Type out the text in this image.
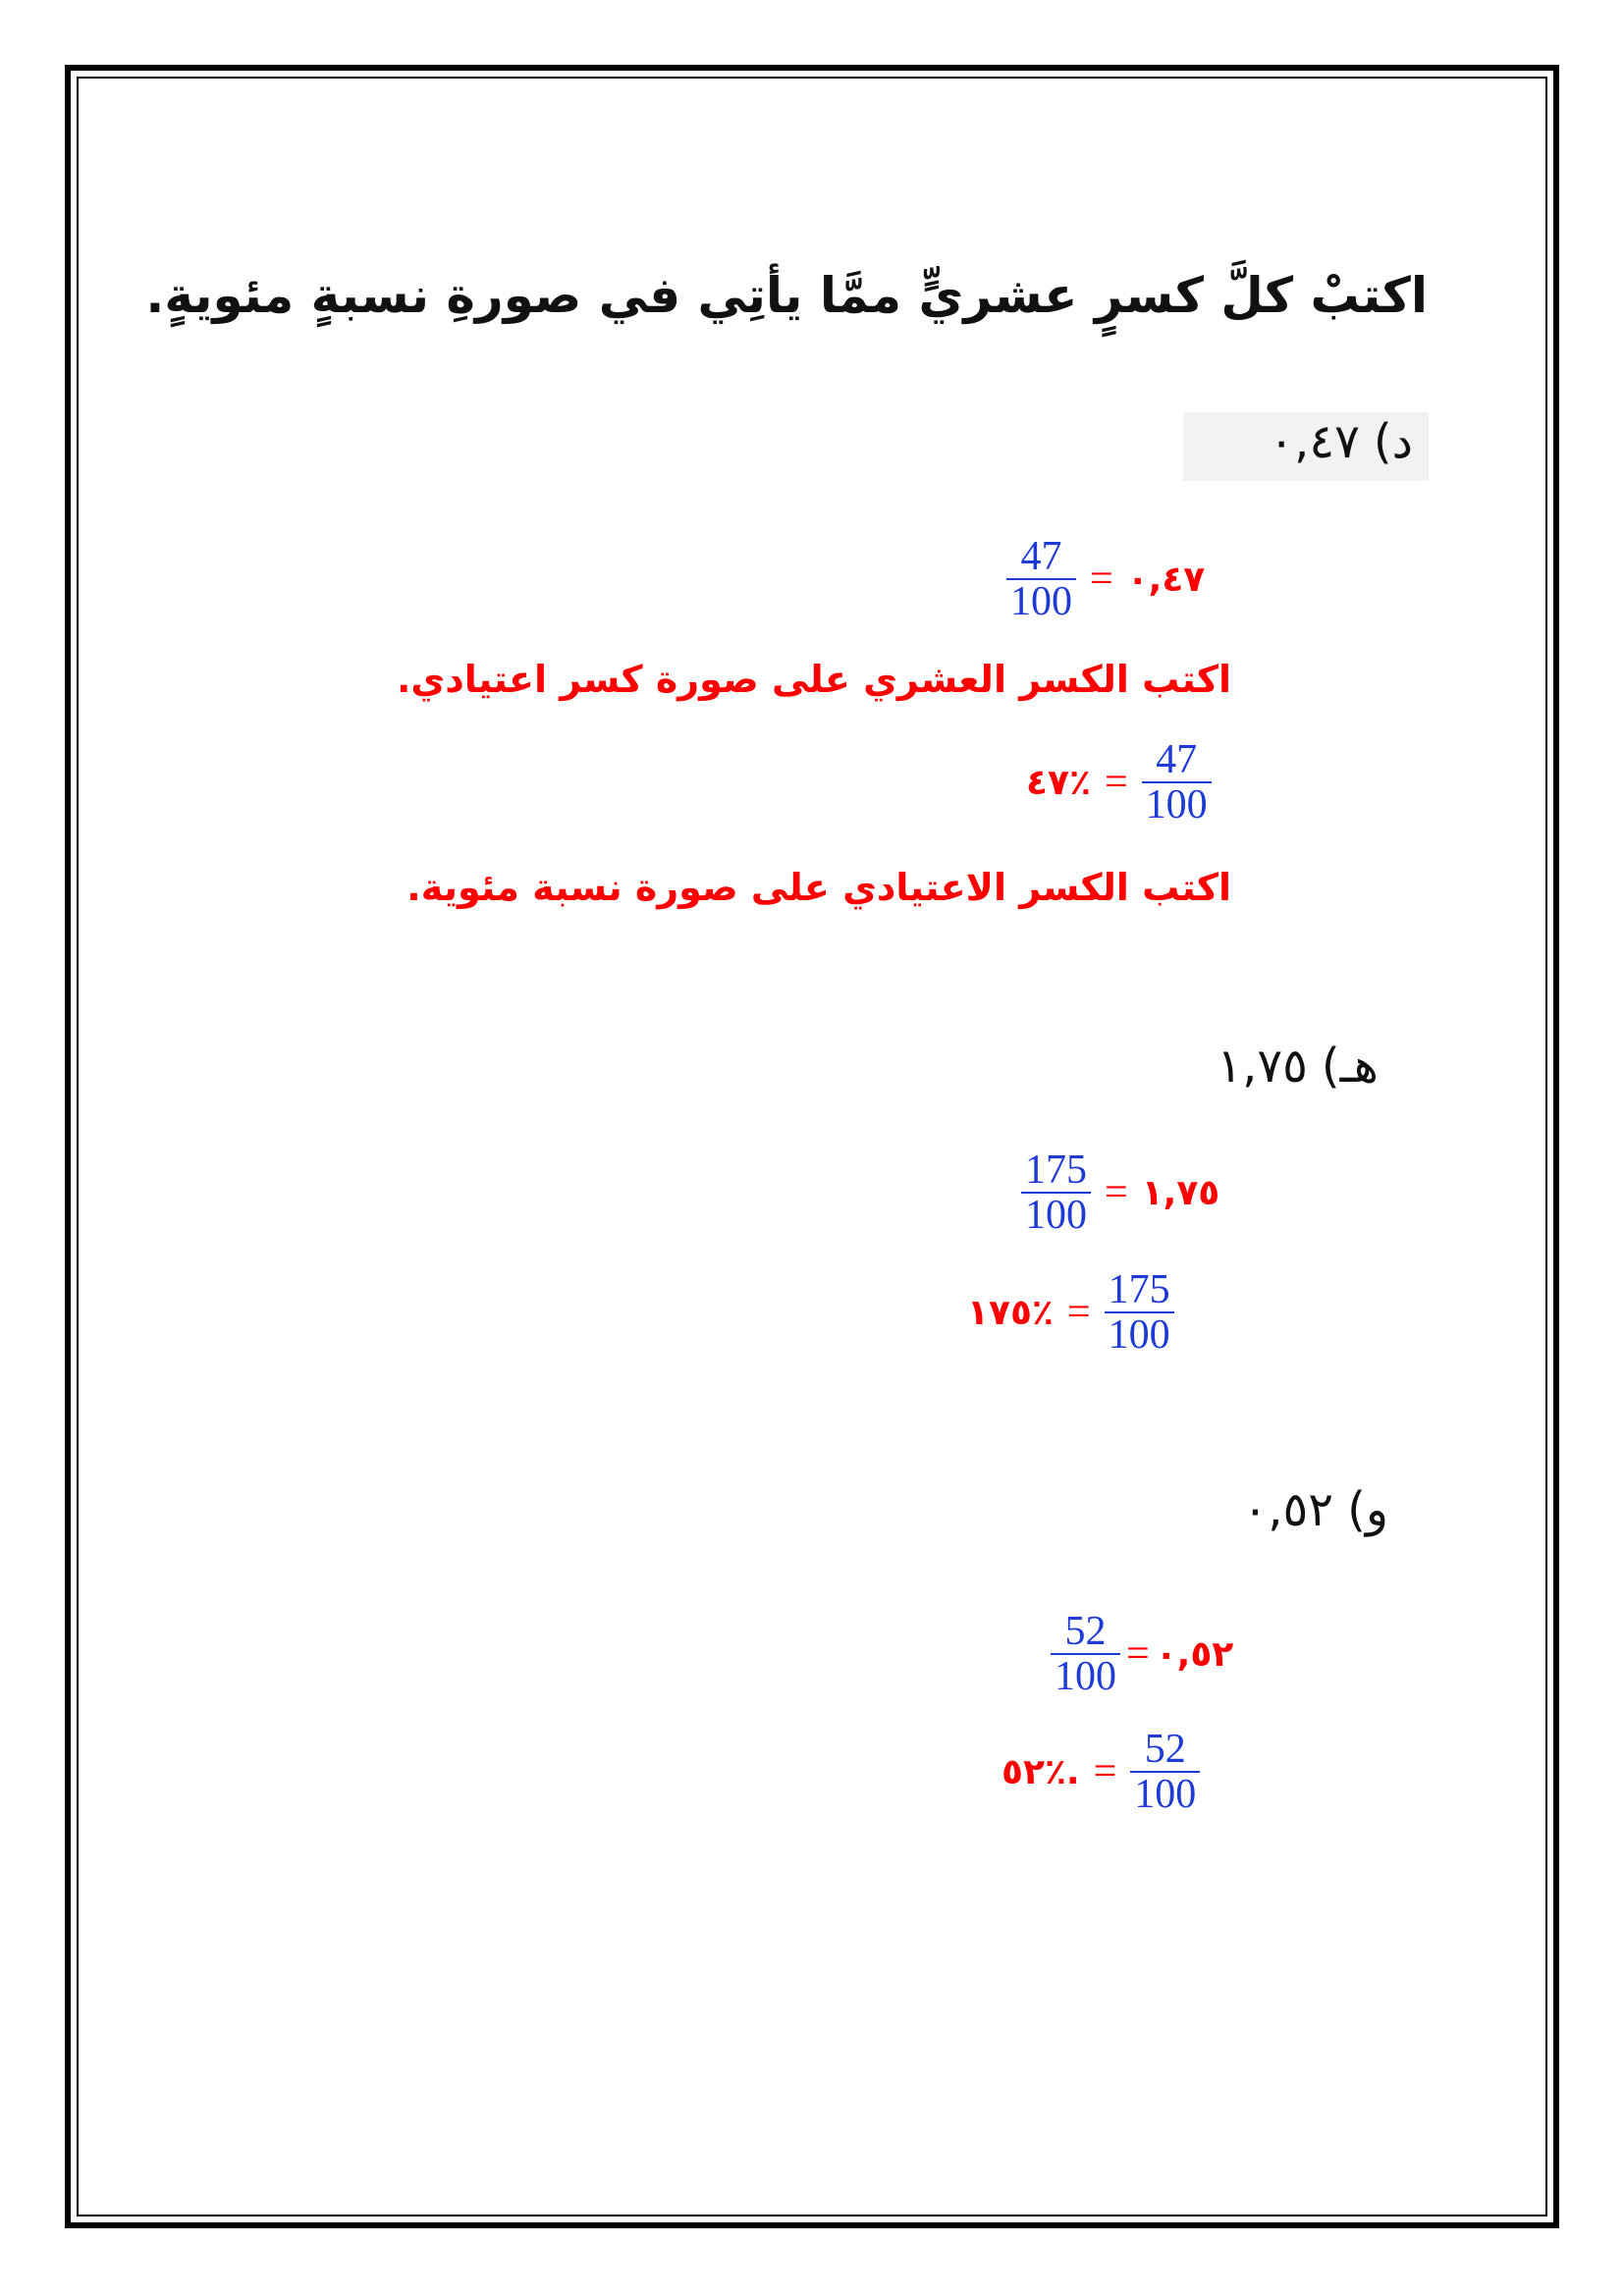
اكتبْ كلَّ كسرٍ عشريٍّ ممَّا يأتِي في صورةِ نسبةٍ مئويةٍ.
د)
٠,٤٧
$\frac{47}{100}$ = ٠,٤٧
اكتب الكسر العشري على صورة كسر اعتيادي.
٤٧٪ = $\frac{47}{100}$
اكتب الكسر الاعتيادي على صورة نسبة مئوية.
هـ)
١,٧٥
$\frac{175}{100}$ = ١,٧٥
١٧٥٪ = $\frac{175}{100}$
و)
٠,٥٢
$\frac{52}{100}$ = ٠,٥٢
٥٢٪. = $\frac{52}{100}$
